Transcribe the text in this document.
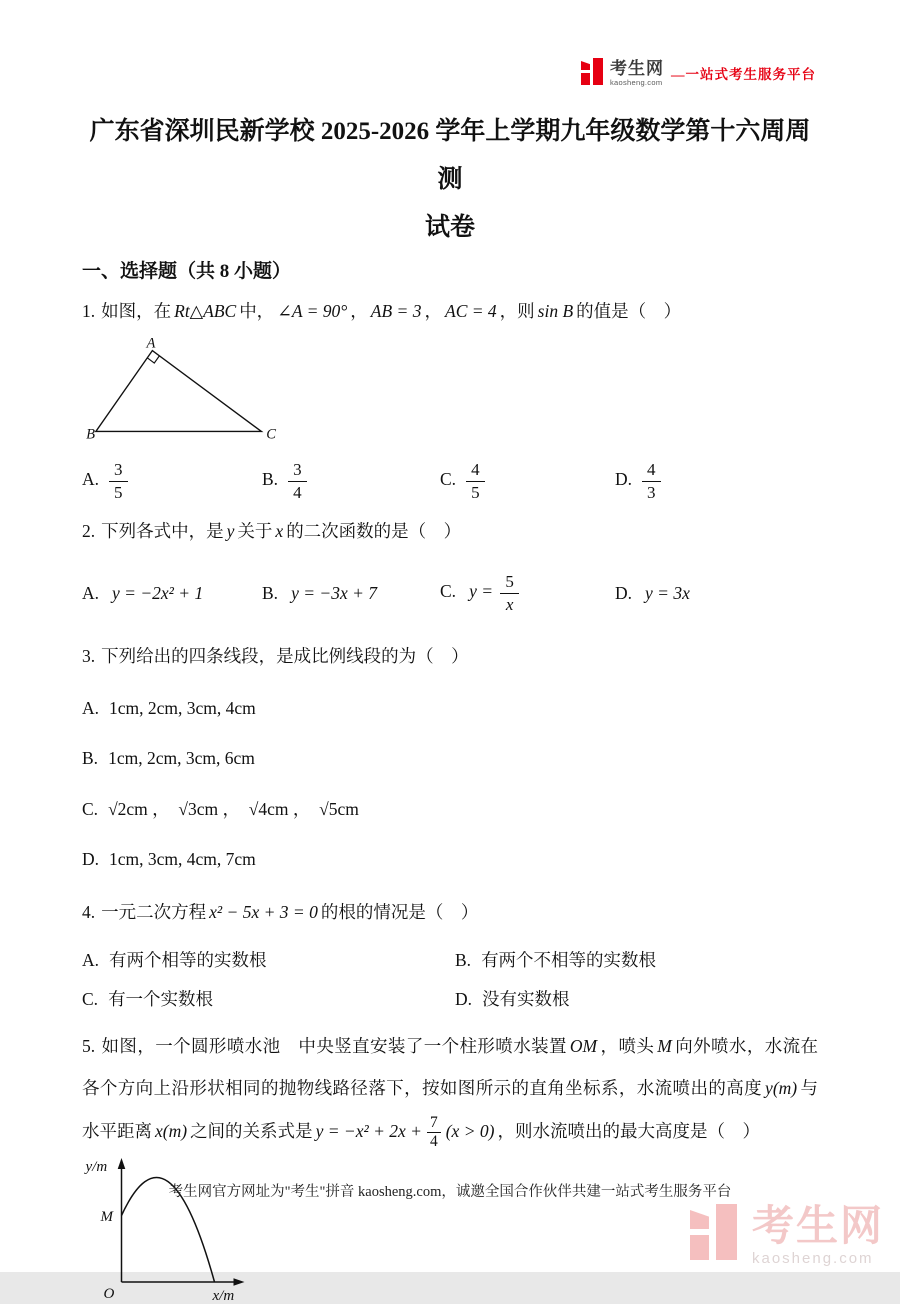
考生网
kaosheng.com
—一站式考生服务平台
广东省深圳民新学校 2025-2026 学年上学期九年级数学第十六周周测
试卷
一、选择题（共 8 小题）
1. 如图，在 Rt△ABC 中， ∠A = 90° ， AB = 3 ， AC = 4 ，则 sin B 的值是（　）
A
B	C
A. $\frac{3}{5}$	B. $\frac{3}{4}$	C. $\frac{4}{5}$	D. $\frac{4}{3}$
2. 下列各式中，是 y 关于 x 的二次函数的是（　）
A. y = −2x² + 1	B. y = −3x + 7	C. $y = \frac{5}{x}$	D. y = 3x
3. 下列给出的四条线段，是成比例线段的为（　）
A. 1cm, 2cm, 3cm, 4cm
B. 1cm, 2cm, 3cm, 6cm
C. √2cm ，　√3cm ，　√4cm ，　√5cm
D. 1cm, 3cm, 4cm, 7cm
4. 一元二次方程 x² − 5x + 3 = 0 的根的情况是（　）
A. 有两个相等的实数根	B. 有两个不相等的实数根
C. 有一个实数根	D. 没有实数根
5. 如图，一个圆形喷水池　中央竖直安装了一个柱形喷水装置 OM ，喷头 M 向外喷水，水流在各个方向上沿形状相同的抛物线路径落下，按如图所示的直角坐标系，水流喷出的高度 y(m) 与水平距离 x(m) 之间的关系式是 $y = -x^2 + 2x + \frac{7}{4} (x > 0)$ ，则水流喷出的最大高度是（　）
y/m
x/m
M
O
考生网官方网址为"考生"拼音 kaosheng.com，诚邀全国合作伙伴共建一站式考生服务平台
考生网
kaosheng.com
